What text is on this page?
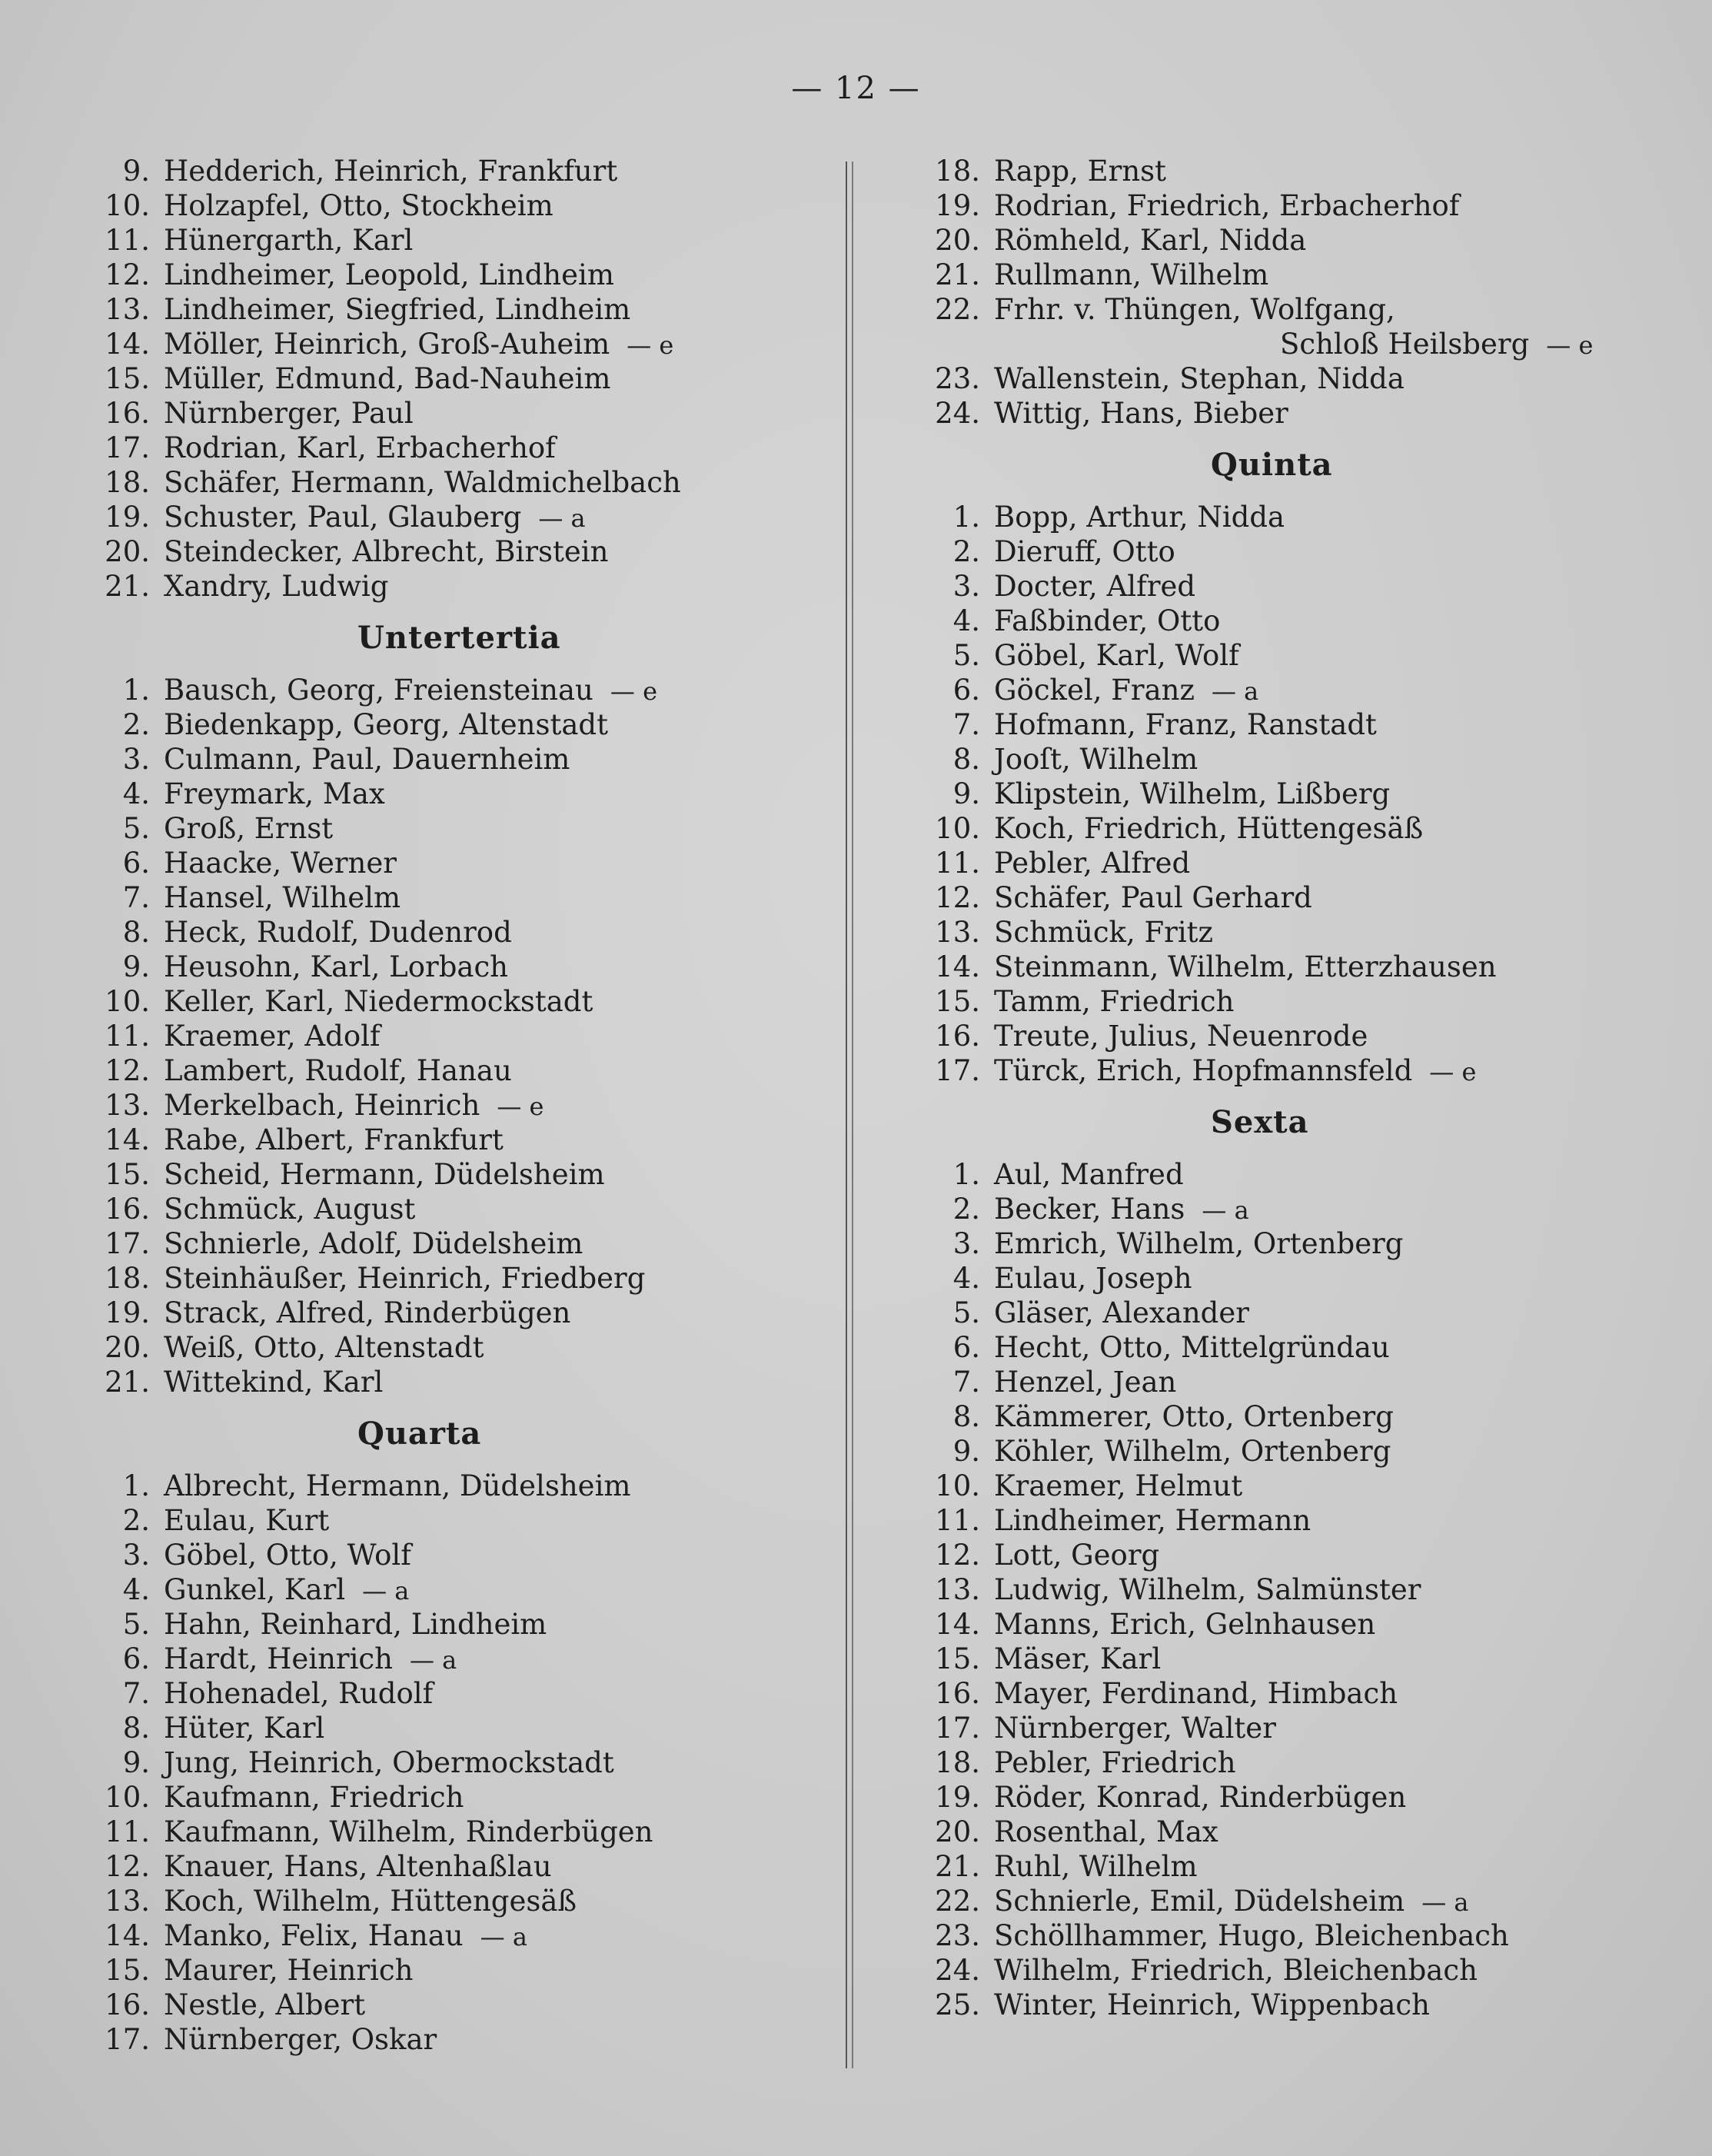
— 12 —
9. Hedderich, Heinrich, Frankfurt
10. Holzapfel, Otto, Stockheim
11. Hünergarth, Karl
12. Lindheimer, Leopold, Lindheim
13. Lindheimer, Siegfried, Lindheim
14. Möller, Heinrich, Groß-Auheim — e
15. Müller, Edmund, Bad-Nauheim
16. Nürnberger, Paul
17. Rodrian, Karl, Erbacherhof
18. Schäfer, Hermann, Waldmichelbach
19. Schuster, Paul, Glauberg — a
20. Steindecker, Albrecht, Birstein
21. Xandry, Ludwig
Untertertia
1. Bausch, Georg, Freiensteinau — e
2. Biedenkapp, Georg, Altenstadt
3. Culmann, Paul, Dauernheim
4. Freymark, Max
5. Groß, Ernst
6. Haacke, Werner
7. Hansel, Wilhelm
8. Heck, Rudolf, Dudenrod
9. Heusohn, Karl, Lorbach
10. Keller, Karl, Niedermockstadt
11. Kraemer, Adolf
12. Lambert, Rudolf, Hanau
13. Merkelbach, Heinrich — e
14. Rabe, Albert, Frankfurt
15. Scheid, Hermann, Düdelsheim
16. Schmück, August
17. Schnierle, Adolf, Düdelsheim
18. Steinhäußer, Heinrich, Friedberg
19. Strack, Alfred, Rinderbügen
20. Weiß, Otto, Altenstadt
21. Wittekind, Karl
Quarta
1. Albrecht, Hermann, Düdelsheim
2. Eulau, Kurt
3. Göbel, Otto, Wolf
4. Gunkel, Karl — a
5. Hahn, Reinhard, Lindheim
6. Hardt, Heinrich — a
7. Hohenadel, Rudolf
8. Hüter, Karl
9. Jung, Heinrich, Obermockstadt
10. Kaufmann, Friedrich
11. Kaufmann, Wilhelm, Rinderbügen
12. Knauer, Hans, Altenhaßlau
13. Koch, Wilhelm, Hüttengesäß
14. Manko, Felix, Hanau — a
15. Maurer, Heinrich
16. Nestle, Albert
17. Nürnberger, Oskar
18. Rapp, Ernst
19. Rodrian, Friedrich, Erbacherhof
20. Römheld, Karl, Nidda
21. Rullmann, Wilhelm
22. Frhr. v. Thüngen, Wolfgang,
Schloß Heilsberg — e
23. Wallenstein, Stephan, Nidda
24. Wittig, Hans, Bieber
Quinta
1. Bopp, Arthur, Nidda
2. Dieruff, Otto
3. Docter, Alfred
4. Faßbinder, Otto
5. Göbel, Karl, Wolf
6. Göckel, Franz — a
7. Hofmann, Franz, Ranstadt
8. Jooſt, Wilhelm
9. Klipstein, Wilhelm, Lißberg
10. Koch, Friedrich, Hüttengesäß
11. Pebler, Alfred
12. Schäfer, Paul Gerhard
13. Schmück, Fritz
14. Steinmann, Wilhelm, Etterzhausen
15. Tamm, Friedrich
16. Treute, Julius, Neuenrode
17. Türck, Erich, Hopfmannsfeld — e
Sexta
1. Aul, Manfred
2. Becker, Hans — a
3. Emrich, Wilhelm, Ortenberg
4. Eulau, Joseph
5. Gläser, Alexander
6. Hecht, Otto, Mittelgründau
7. Henzel, Jean
8. Kämmerer, Otto, Ortenberg
9. Köhler, Wilhelm, Ortenberg
10. Kraemer, Helmut
11. Lindheimer, Hermann
12. Lott, Georg
13. Ludwig, Wilhelm, Salmünster
14. Manns, Erich, Gelnhausen
15. Mäser, Karl
16. Mayer, Ferdinand, Himbach
17. Nürnberger, Walter
18. Pebler, Friedrich
19. Röder, Konrad, Rinderbügen
20. Rosenthal, Max
21. Ruhl, Wilhelm
22. Schnierle, Emil, Düdelsheim — a
23. Schöllhammer, Hugo, Bleichenbach
24. Wilhelm, Friedrich, Bleichenbach
25. Winter, Heinrich, Wippenbach
